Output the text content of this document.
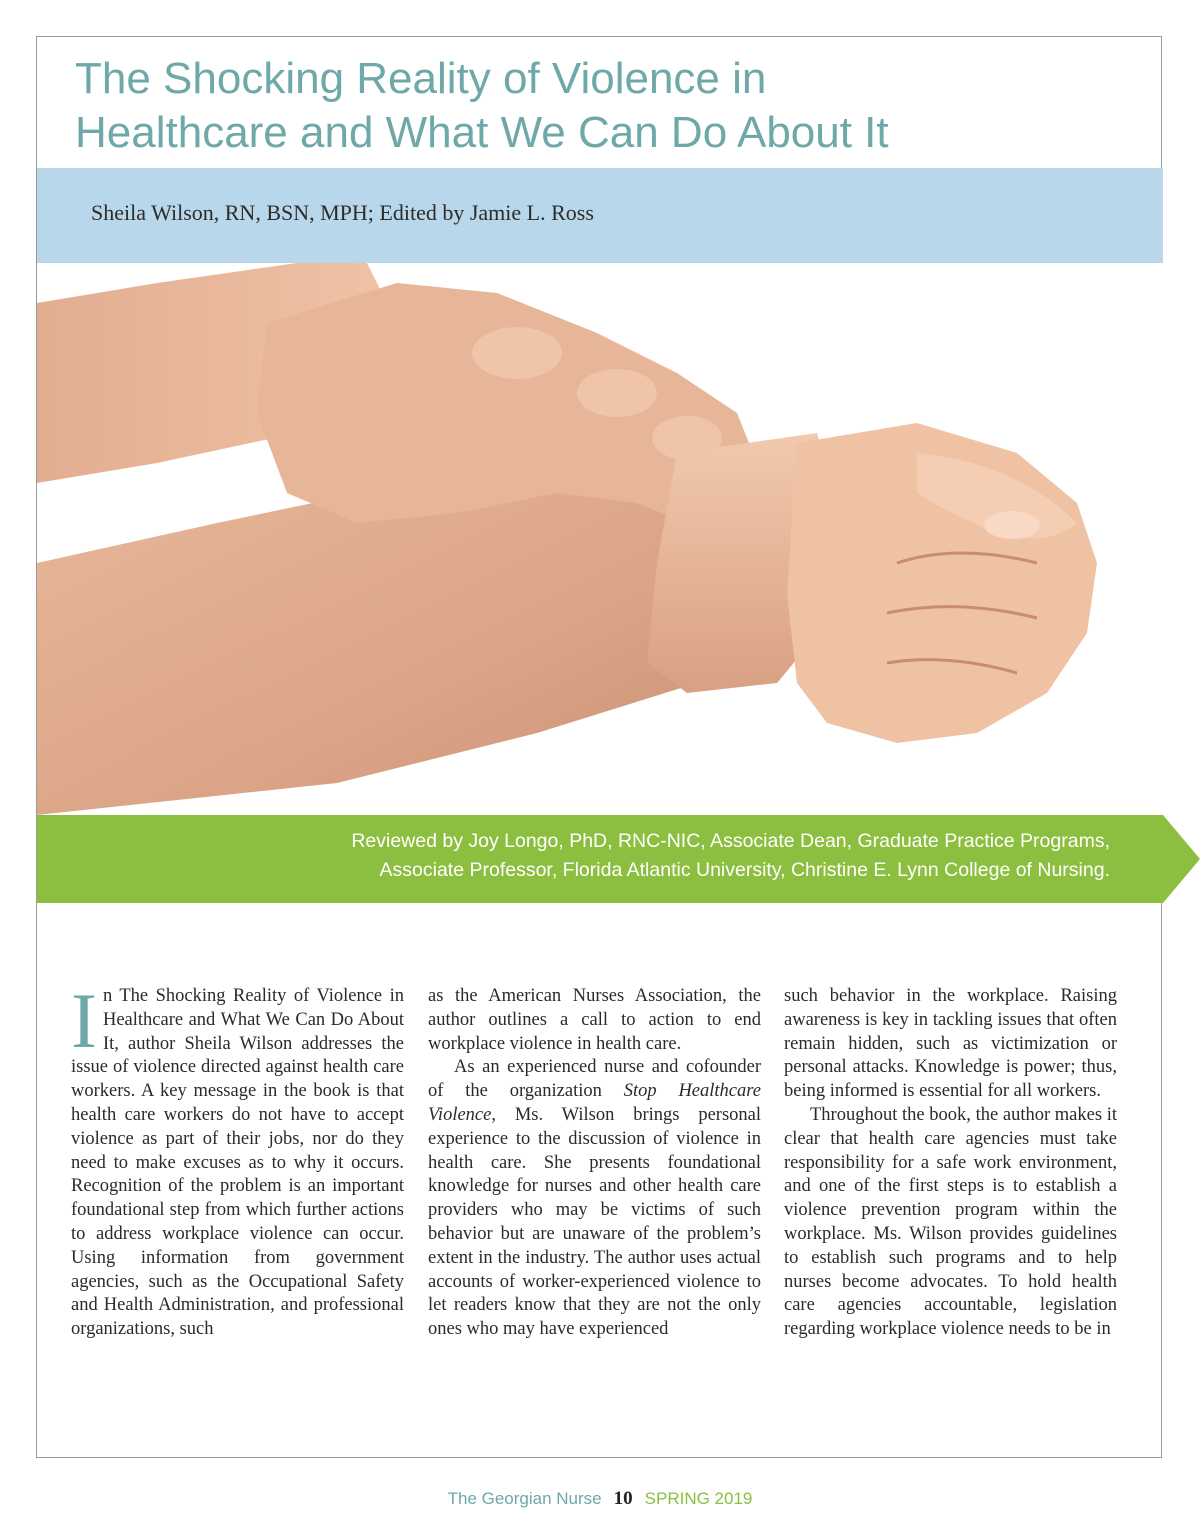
The Shocking Reality of Violence in
Healthcare and What We Can Do About It
Sheila Wilson, RN, BSN, MPH; Edited by Jamie L. Ross
Reviewed by Joy Longo, PhD, RNC-NIC, Associate Dean, Graduate Practice Programs,
Associate Professor, Florida Atlantic University, Christine E. Lynn College of Nursing.

In The Shocking Reality of Violence in Healthcare and What We Can Do About It, author Sheila Wilson addresses the issue of violence directed against health care workers. A key message in the book is that health care workers do not have to accept violence as part of their jobs, nor do they need to make excuses as to why it occurs. Recognition of the problem is an important foundational step from which further actions to address workplace violence can occur. Using information from government agencies, such as the Occupational Safety and Health Administration, and professional organizations, such

as the American Nurses Association, the author outlines a call to action to end workplace violence in health care.

As an experienced nurse and cofounder of the organization Stop Healthcare Violence, Ms. Wilson brings personal experience to the discussion of violence in health care. She presents foundational knowledge for nurses and other health care providers who may be victims of such behavior but are unaware of the problem’s extent in the industry. The author uses actual accounts of worker-experienced violence to let readers know that they are not the only ones who may have experienced

such behavior in the workplace. Raising awareness is key in tackling issues that often remain hidden, such as victimization or personal attacks. Knowledge is power; thus, being informed is essential for all workers.

Throughout the book, the author makes it clear that health care agencies must take responsibility for a safe work environment, and one of the first steps is to establish a violence prevention program within the workplace. Ms. Wilson provides guidelines to establish such programs and to help nurses become advocates. To hold health care agencies accountable, legislation regarding workplace violence needs to be in

The Georgian Nurse 10 SPRING 2019
